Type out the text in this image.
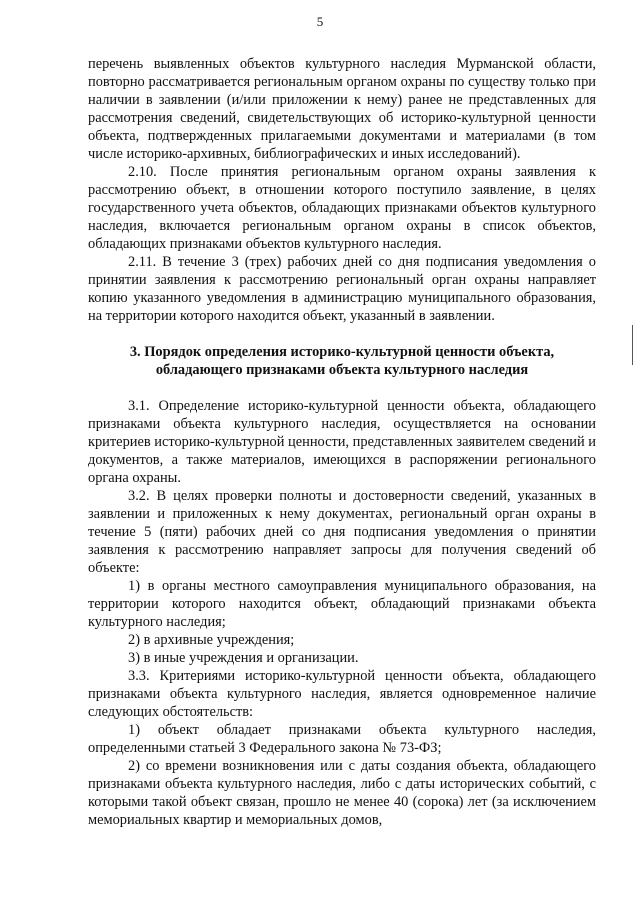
5

перечень выявленных объектов культурного наследия Мурманской области, повторно рассматривается региональным органом охраны по существу только при наличии в заявлении (и/или приложении к нему) ранее не представленных для рассмотрения сведений, свидетельствующих об историко-культурной ценности объекта, подтвержденных прилагаемыми документами и материалами (в том числе историко-архивных, библиографических и иных исследований).

2.10. После принятия региональным органом охраны заявления к рассмотрению объект, в отношении которого поступило заявление, в целях государственного учета объектов, обладающих признаками объектов культурного наследия, включается региональным органом охраны в список объектов, обладающих признаками объектов культурного наследия.

2.11. В течение 3 (трех) рабочих дней со дня подписания уведомления о принятии заявления к рассмотрению региональный орган охраны направляет копию указанного уведомления в администрацию муниципального образования, на территории которого находится объект, указанный в заявлении.

3. Порядок определения историко-культурной ценности объекта, обладающего признаками объекта культурного наследия

3.1. Определение историко-культурной ценности объекта, обладающего признаками объекта культурного наследия, осуществляется на основании критериев историко-культурной ценности, представленных заявителем сведений и документов, а также материалов, имеющихся в распоряжении регионального органа охраны.

3.2. В целях проверки полноты и достоверности сведений, указанных в заявлении и приложенных к нему документах, региональный орган охраны в течение 5 (пяти) рабочих дней со дня подписания уведомления о принятии заявления к рассмотрению направляет запросы для получения сведений об объекте:

1) в органы местного самоуправления муниципального образования, на территории которого находится объект, обладающий признаками объекта культурного наследия;

2) в архивные учреждения;

3) в иные учреждения и организации.

3.3. Критериями историко-культурной ценности объекта, обладающего признаками объекта культурного наследия, является одновременное наличие следующих обстоятельств:

1) объект обладает признаками объекта культурного наследия, определенными статьей 3 Федерального закона № 73-ФЗ;

2) со времени возникновения или с даты создания объекта, обладающего признаками объекта культурного наследия, либо с даты исторических событий, с которыми такой объект связан, прошло не менее 40 (сорока) лет (за исключением мемориальных квартир и мемориальных домов,
